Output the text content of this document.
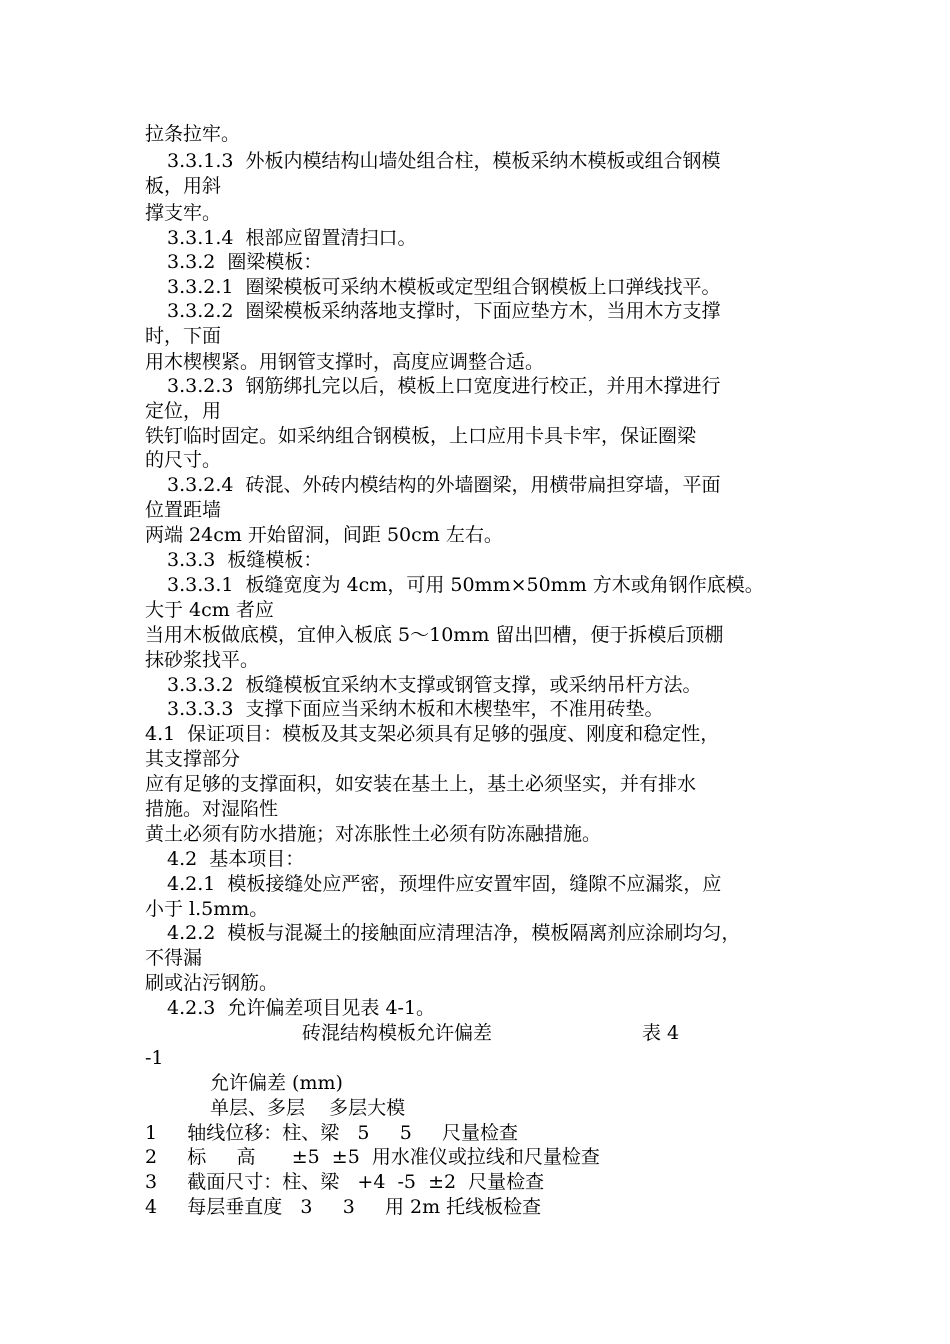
拉条拉牢。
3.3.1.3  外板内模结构山墙处组合柱，模板采纳木模板或组合钢模
板，用斜
撑支牢。
3.3.1.4  根部应留置清扫口。
3.3.2  圈梁模板：
3.3.2.1  圈梁模板可采纳木模板或定型组合钢模板上口弹线找平。
3.3.2.2  圈梁模板采纳落地支撑时，下面应垫方木，当用木方支撑
时，下面
用木楔楔紧。用钢管支撑时，高度应调整合适。
3.3.2.3  钢筋绑扎完以后，模板上口宽度进行校正，并用木撑进行
定位，用
铁钉临时固定。如采纳组合钢模板，上口应用卡具卡牢，保证圈梁
的尺寸。
3.3.2.4  砖混、外砖内模结构的外墙圈梁，用横带扁担穿墙，平面
位置距墙
两端 24cm 开始留洞，间距 50cm 左右。
3.3.3  板缝模板：
3.3.3.1  板缝宽度为 4cm，可用 50mm×50mm 方木或角钢作底模。
大于 4cm 者应
当用木板做底模，宜伸入板底 5～10mm 留出凹槽，便于拆模后顶棚
抹砂浆找平。
3.3.3.2  板缝模板宜采纳木支撑或钢管支撑，或采纳吊杆方法。
3.3.3.3  支撑下面应当采纳木板和木楔垫牢，不准用砖垫。
4.1  保证项目：模板及其支架必须具有足够的强度、刚度和稳定性，
其支撑部分
应有足够的支撑面积，如安装在基土上，基土必须坚实，并有排水
措施。对湿陷性
黄土必须有防水措施；对冻胀性土必须有防冻融措施。
4.2  基本项目：
4.2.1  模板接缝处应严密，预埋件应安置牢固，缝隙不应漏浆，应
小于 l.5mm。
4.2.2  模板与混凝土的接触面应清理洁净，模板隔离剂应涂刷均匀，
不得漏
刷或沾污钢筋。
4.2.3  允许偏差项目见表 4-1。
砖混结构模板允许偏差	表 4
-1
允许偏差 (mm)
单层、多层    多层大模
1     轴线位移：柱、梁   5     5     尺量检查
2     标     高      ±5  ±5  用水准仪或拉线和尺量检查
3     截面尺寸：柱、梁   +4  -5  ±2  尺量检查
4     每层垂直度   3     3     用 2m 托线板检查
